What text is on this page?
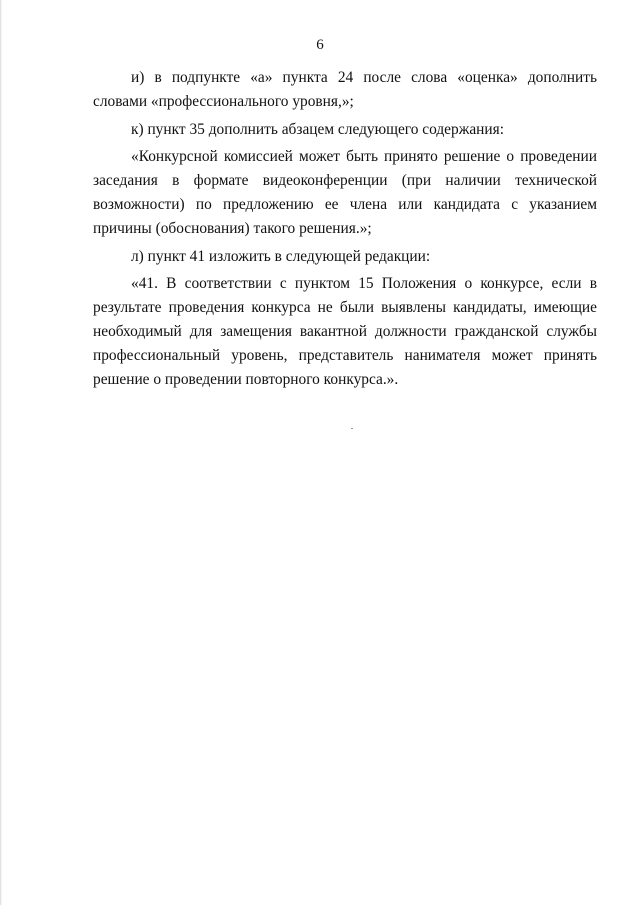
6

и) в подпункте «а» пункта 24 после слова «оценка» дополнить словами «профессионального уровня,»;

к) пункт 35 дополнить абзацем следующего содержания:

«Конкурсной комиссией может быть принято решение о проведении заседания в формате видеоконференции (при наличии технической возможности) по предложению ее члена или кандидата с указанием причины (обоснования) такого решения.»;

л) пункт 41 изложить в следующей редакции:

«41. В соответствии с пунктом 15 Положения о конкурсе, если в результате проведения конкурса не были выявлены кандидаты, имеющие необходимый для замещения вакантной должности гражданской службы профессиональный уровень, представитель нанимателя может принять решение о проведении повторного конкурса.».
